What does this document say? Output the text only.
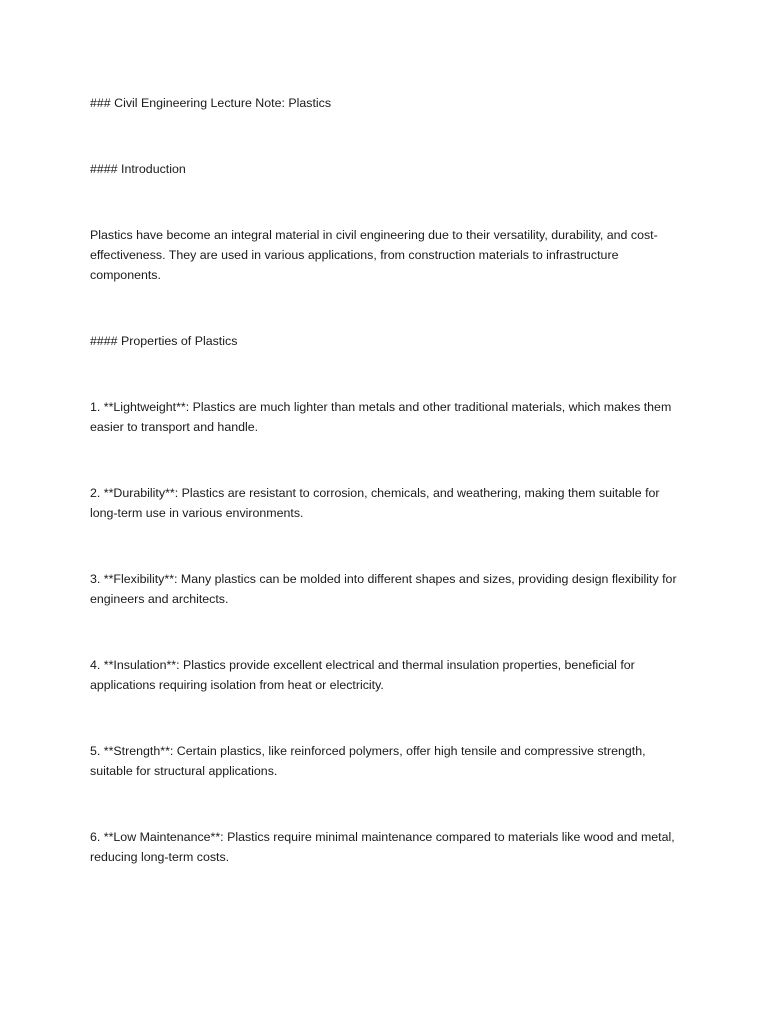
### Civil Engineering Lecture Note: Plastics

#### Introduction

Plastics have become an integral material in civil engineering due to their versatility, durability, and cost-effectiveness. They are used in various applications, from construction materials to infrastructure components.

#### Properties of Plastics

1. **Lightweight**: Plastics are much lighter than metals and other traditional materials, which makes them easier to transport and handle.

2. **Durability**: Plastics are resistant to corrosion, chemicals, and weathering, making them suitable for long-term use in various environments.

3. **Flexibility**: Many plastics can be molded into different shapes and sizes, providing design flexibility for engineers and architects.

4. **Insulation**: Plastics provide excellent electrical and thermal insulation properties, beneficial for applications requiring isolation from heat or electricity.

5. **Strength**: Certain plastics, like reinforced polymers, offer high tensile and compressive strength, suitable for structural applications.

6. **Low Maintenance**: Plastics require minimal maintenance compared to materials like wood and metal, reducing long-term costs.
